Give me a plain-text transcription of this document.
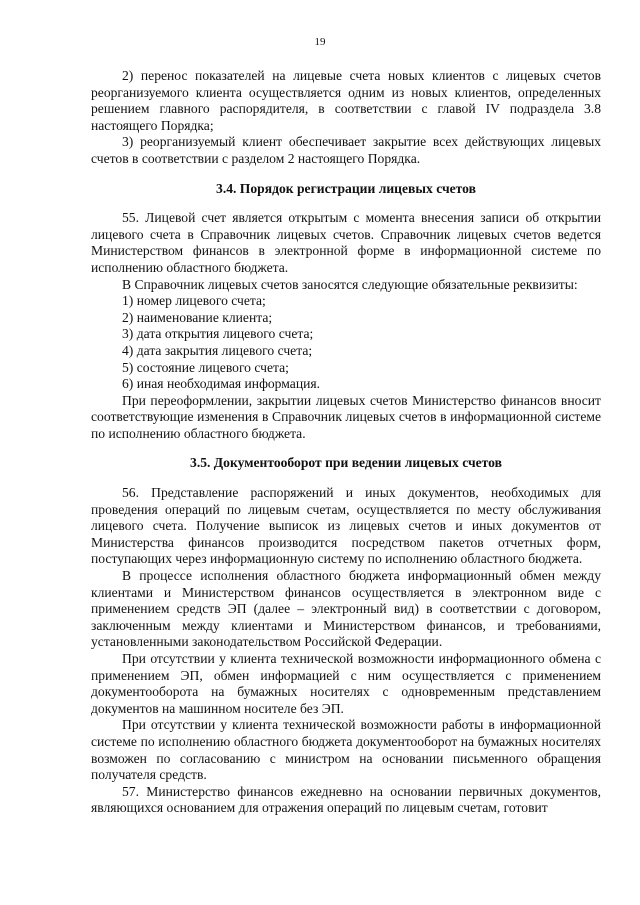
19

2) перенос показателей на лицевые счета новых клиентов с лицевых счетов реорганизуемого клиента осуществляется одним из новых клиентов, определенных решением главного распорядителя, в соответствии с главой IV подраздела 3.8 настоящего Порядка;

3) реорганизуемый клиент обеспечивает закрытие всех действующих лицевых счетов в соответствии с разделом 2 настоящего Порядка.

3.4. Порядок регистрации лицевых счетов

55. Лицевой счет является открытым с момента внесения записи об открытии лицевого счета в Справочник лицевых счетов. Справочник лицевых счетов ведется Министерством финансов в электронной форме в информационной системе по исполнению областного бюджета.

В Справочник лицевых счетов заносятся следующие обязательные реквизиты:

1) номер лицевого счета;

2) наименование клиента;

3) дата открытия лицевого счета;

4) дата закрытия лицевого счета;

5) состояние лицевого счета;

6) иная необходимая информация.

При переоформлении, закрытии лицевых счетов Министерство финансов вносит соответствующие изменения в Справочник лицевых счетов в информационной системе по исполнению областного бюджета.

3.5. Документооборот при ведении лицевых счетов

56. Представление распоряжений и иных документов, необходимых для проведения операций по лицевым счетам, осуществляется по месту обслуживания лицевого счета. Получение выписок из лицевых счетов и иных документов от Министерства финансов производится посредством пакетов отчетных форм, поступающих через информационную систему по исполнению областного бюджета.

В процессе исполнения областного бюджета информационный обмен между клиентами и Министерством финансов осуществляется в электронном виде с применением средств ЭП (далее – электронный вид) в соответствии с договором, заключенным между клиентами и Министерством финансов, и требованиями, установленными законодательством Российской Федерации.

При отсутствии у клиента технической возможности информационного обмена с применением ЭП, обмен информацией с ним осуществляется с применением документооборота на бумажных носителях с одновременным представлением документов на машинном носителе без ЭП.

При отсутствии у клиента технической возможности работы в информационной системе по исполнению областного бюджета документооборот на бумажных носителях возможен по согласованию с министром на основании письменного обращения получателя средств.

57. Министерство финансов ежедневно на основании первичных документов, являющихся основанием для отражения операций по лицевым счетам, готовит
